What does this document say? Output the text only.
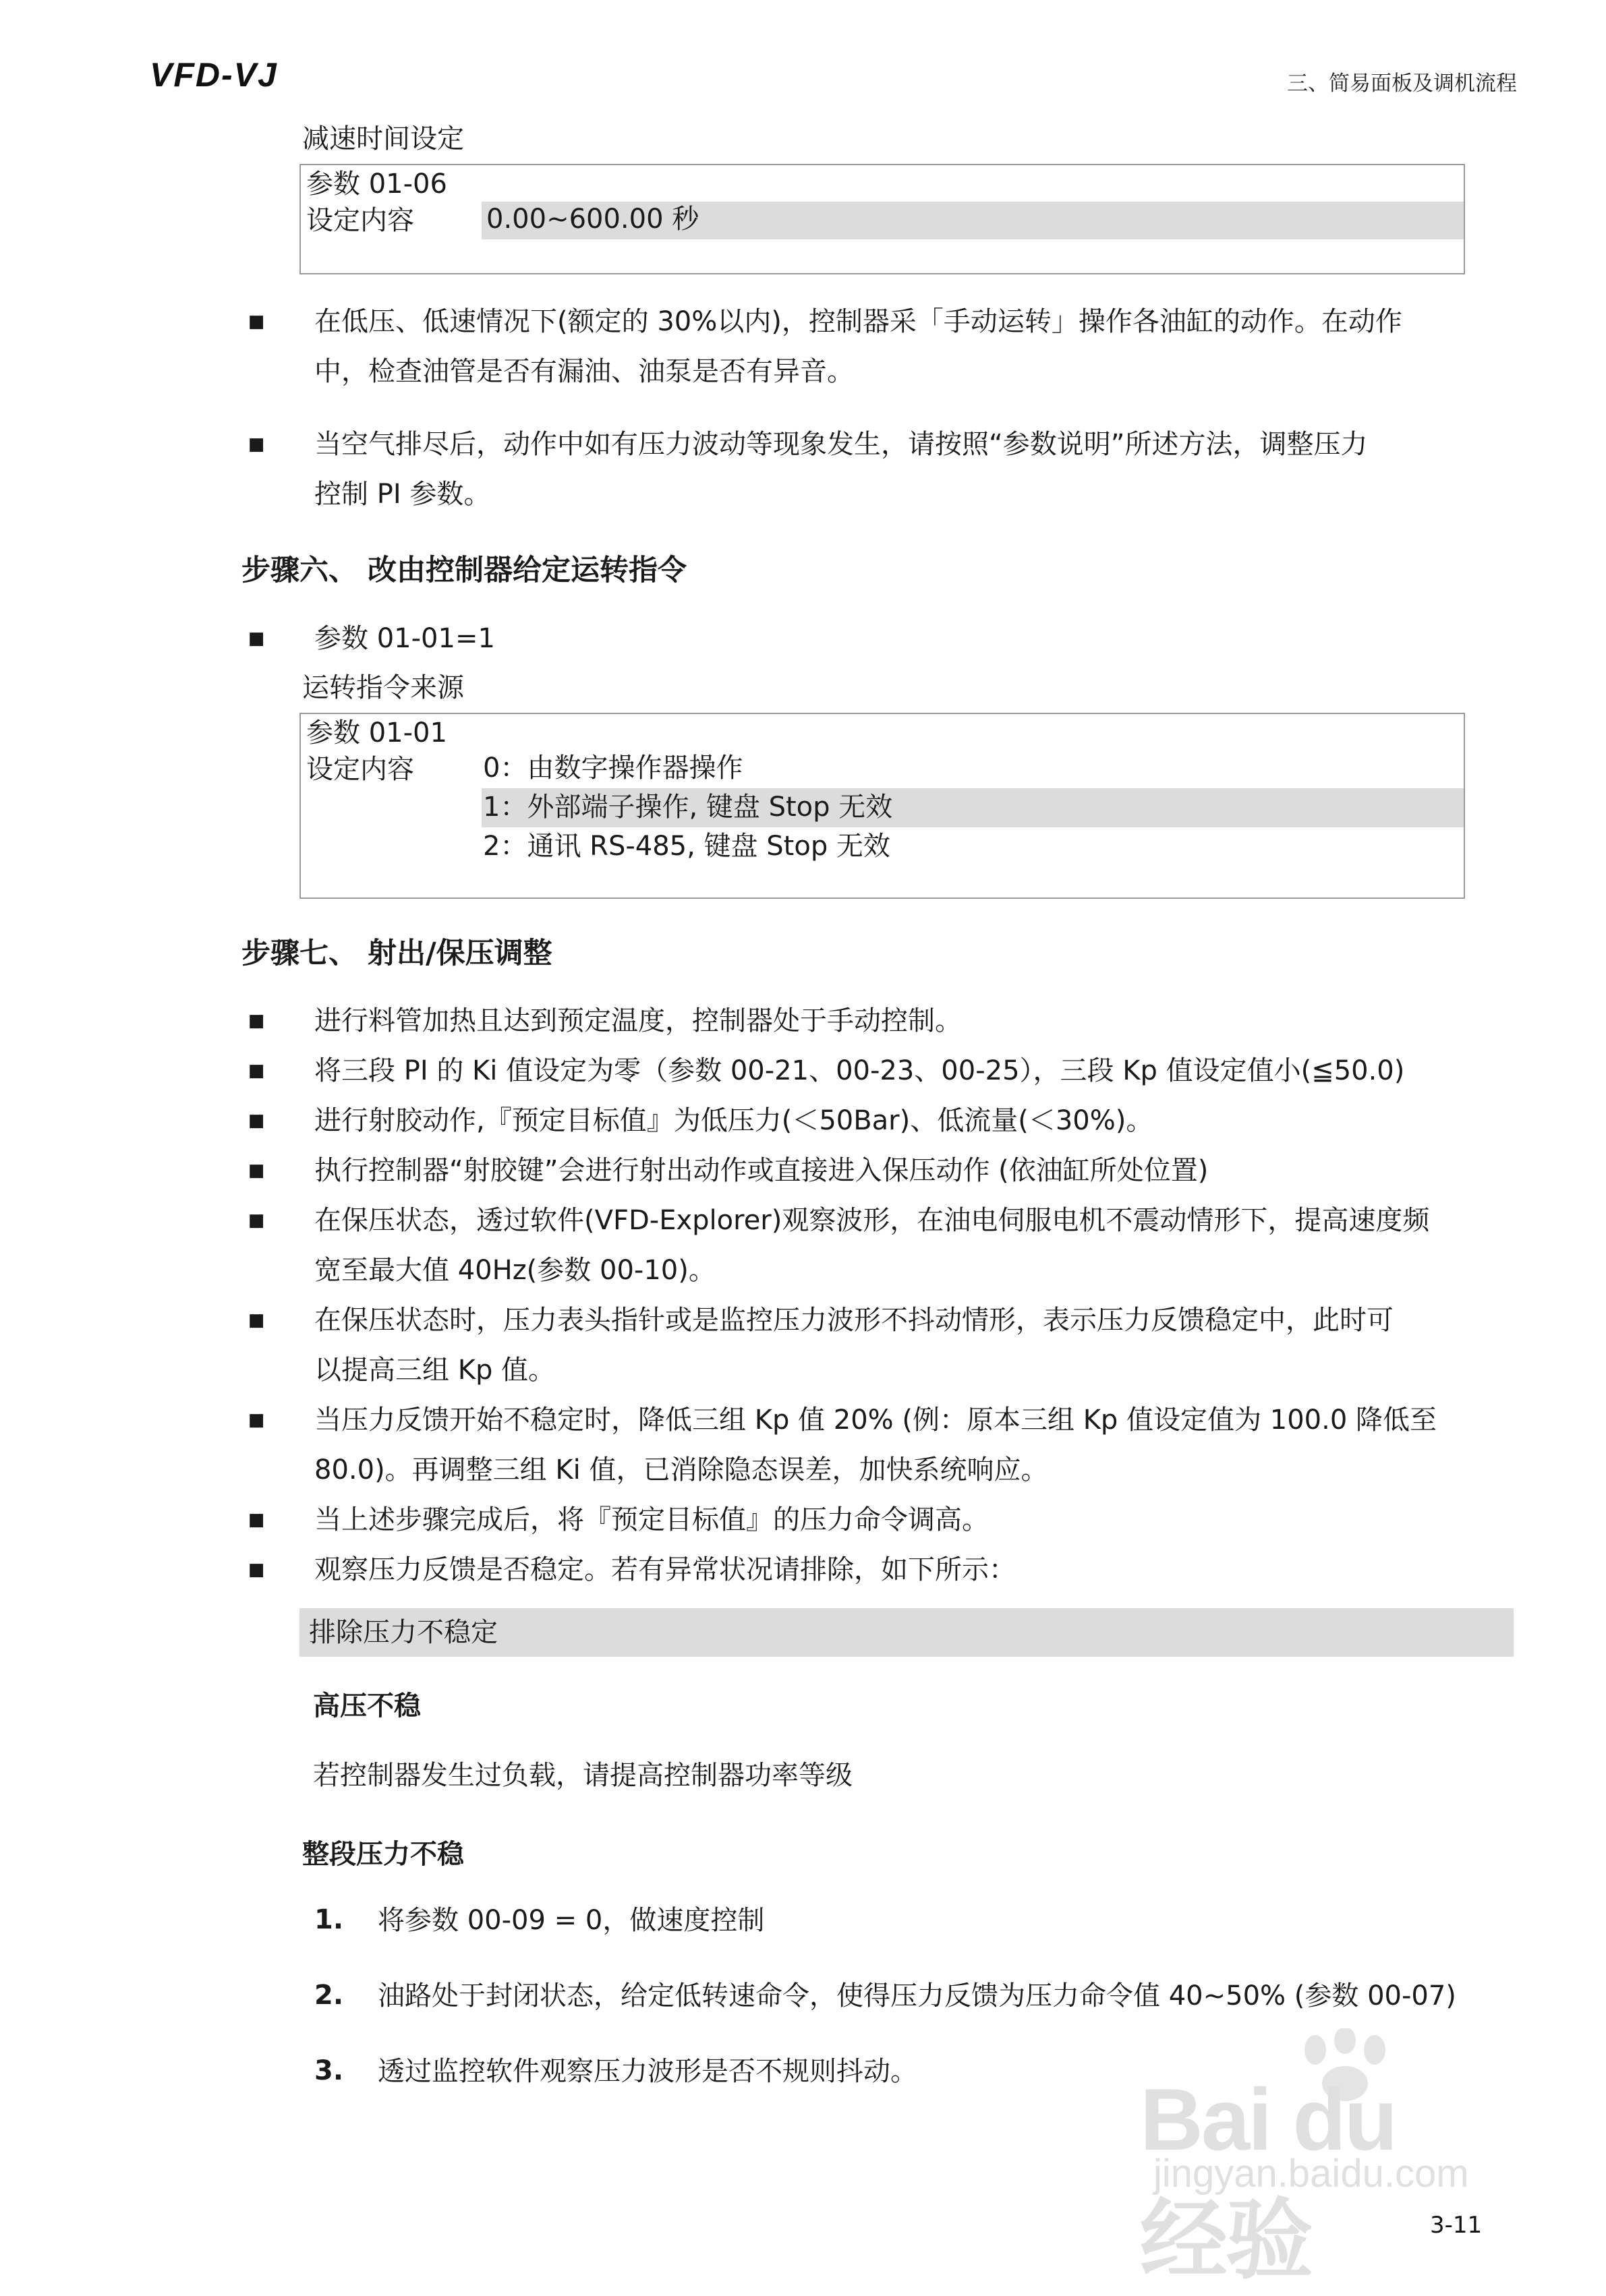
VFD-VJ	三、简易面板及调机流程
减速时间设定
参数 01-06
设定内容	0.00~600.00 秒
■ 在低压、低速情况下(额定的 30%以内)，控制器采「手动运转」操作各油缸的动作。在动作
中，检查油管是否有漏油、油泵是否有异音。
■ 当空气排尽后，动作中如有压力波动等现象发生，请按照“参数说明”所述方法，调整压力
控制 PI 参数。
步骤六、 改由控制器给定运转指令
■ 参数 01-01=1
运转指令来源
参数 01-01
设定内容	0：由数字操作器操作
1：外部端子操作, 键盘 Stop 无效
2：通讯 RS-485, 键盘 Stop 无效
步骤七、 射出/保压调整
■ 进行料管加热且达到预定温度，控制器处于手动控制。
■ 将三段 PI 的 Ki 值设定为零（参数 00-21、00-23、00-25），三段 Kp 值设定值小(≦50.0)
■ 进行射胶动作,『预定目标值』为低压力(＜50Bar)、低流量(＜30%)。
■ 执行控制器“射胶键”会进行射出动作或直接进入保压动作 (依油缸所处位置)
■ 在保压状态，透过软件(VFD-Explorer)观察波形，在油电伺服电机不震动情形下，提高速度频
宽至最大值 40Hz(参数 00-10)。
■ 在保压状态时，压力表头指针或是监控压力波形不抖动情形，表示压力反馈稳定中，此时可
以提高三组 Kp 值。
■ 当压力反馈开始不稳定时，降低三组 Kp 值 20% (例：原本三组 Kp 值设定值为 100.0 降低至
80.0)。再调整三组 Ki 值，已消除隐态误差，加快系统响应。
■ 当上述步骤完成后，将『预定目标值』的压力命令调高。
■ 观察压力反馈是否稳定。若有异常状况请排除，如下所示：
排除压力不稳定
高压不稳
若控制器发生过负载，请提高控制器功率等级
整段压力不稳
1. 将参数 00-09 = 0，做速度控制
2. 油路处于封闭状态，给定低转速命令，使得压力反馈为压力命令值 40~50% (参数 00-07)
3. 透过监控软件观察压力波形是否不规则抖动。	Bai du 经验
jingyan.baidu.com
3-11
